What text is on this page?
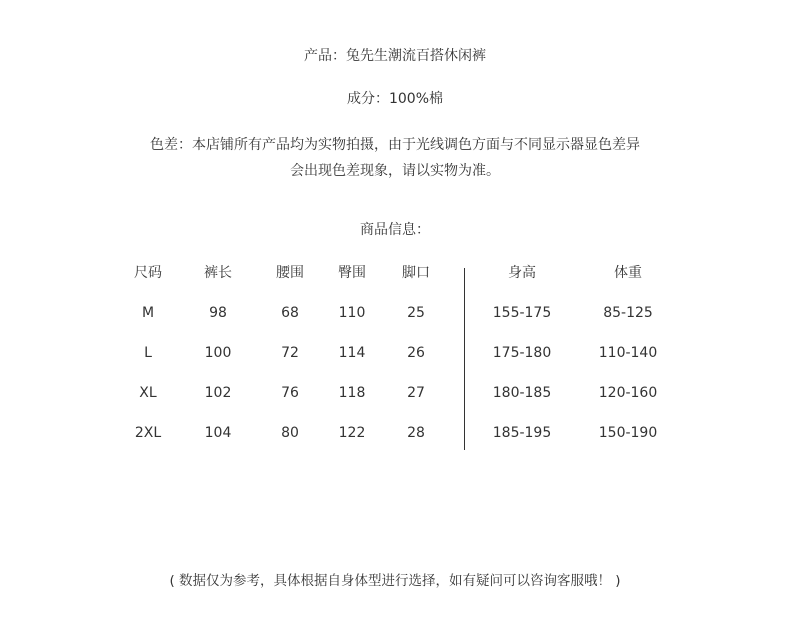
产品：兔先生潮流百搭休闲裤
成分：100%棉
色差：本店铺所有产品均为实物拍摄，由于光线调色方面与不同显示器显色差异
会出现色差现象，请以实物为准。
商品信息：
尺码	裤长	腰围	臀围	脚口	身高	体重
M	98	68	110	25	155-175	85-125
L	100	72	114	26	175-180	110-140
XL	102	76	118	27	180-185	120-160
2XL	104	80	122	28	185-195	150-190
( 数据仅为参考，具体根据自身体型进行选择，如有疑问可以咨询客服哦！ )
